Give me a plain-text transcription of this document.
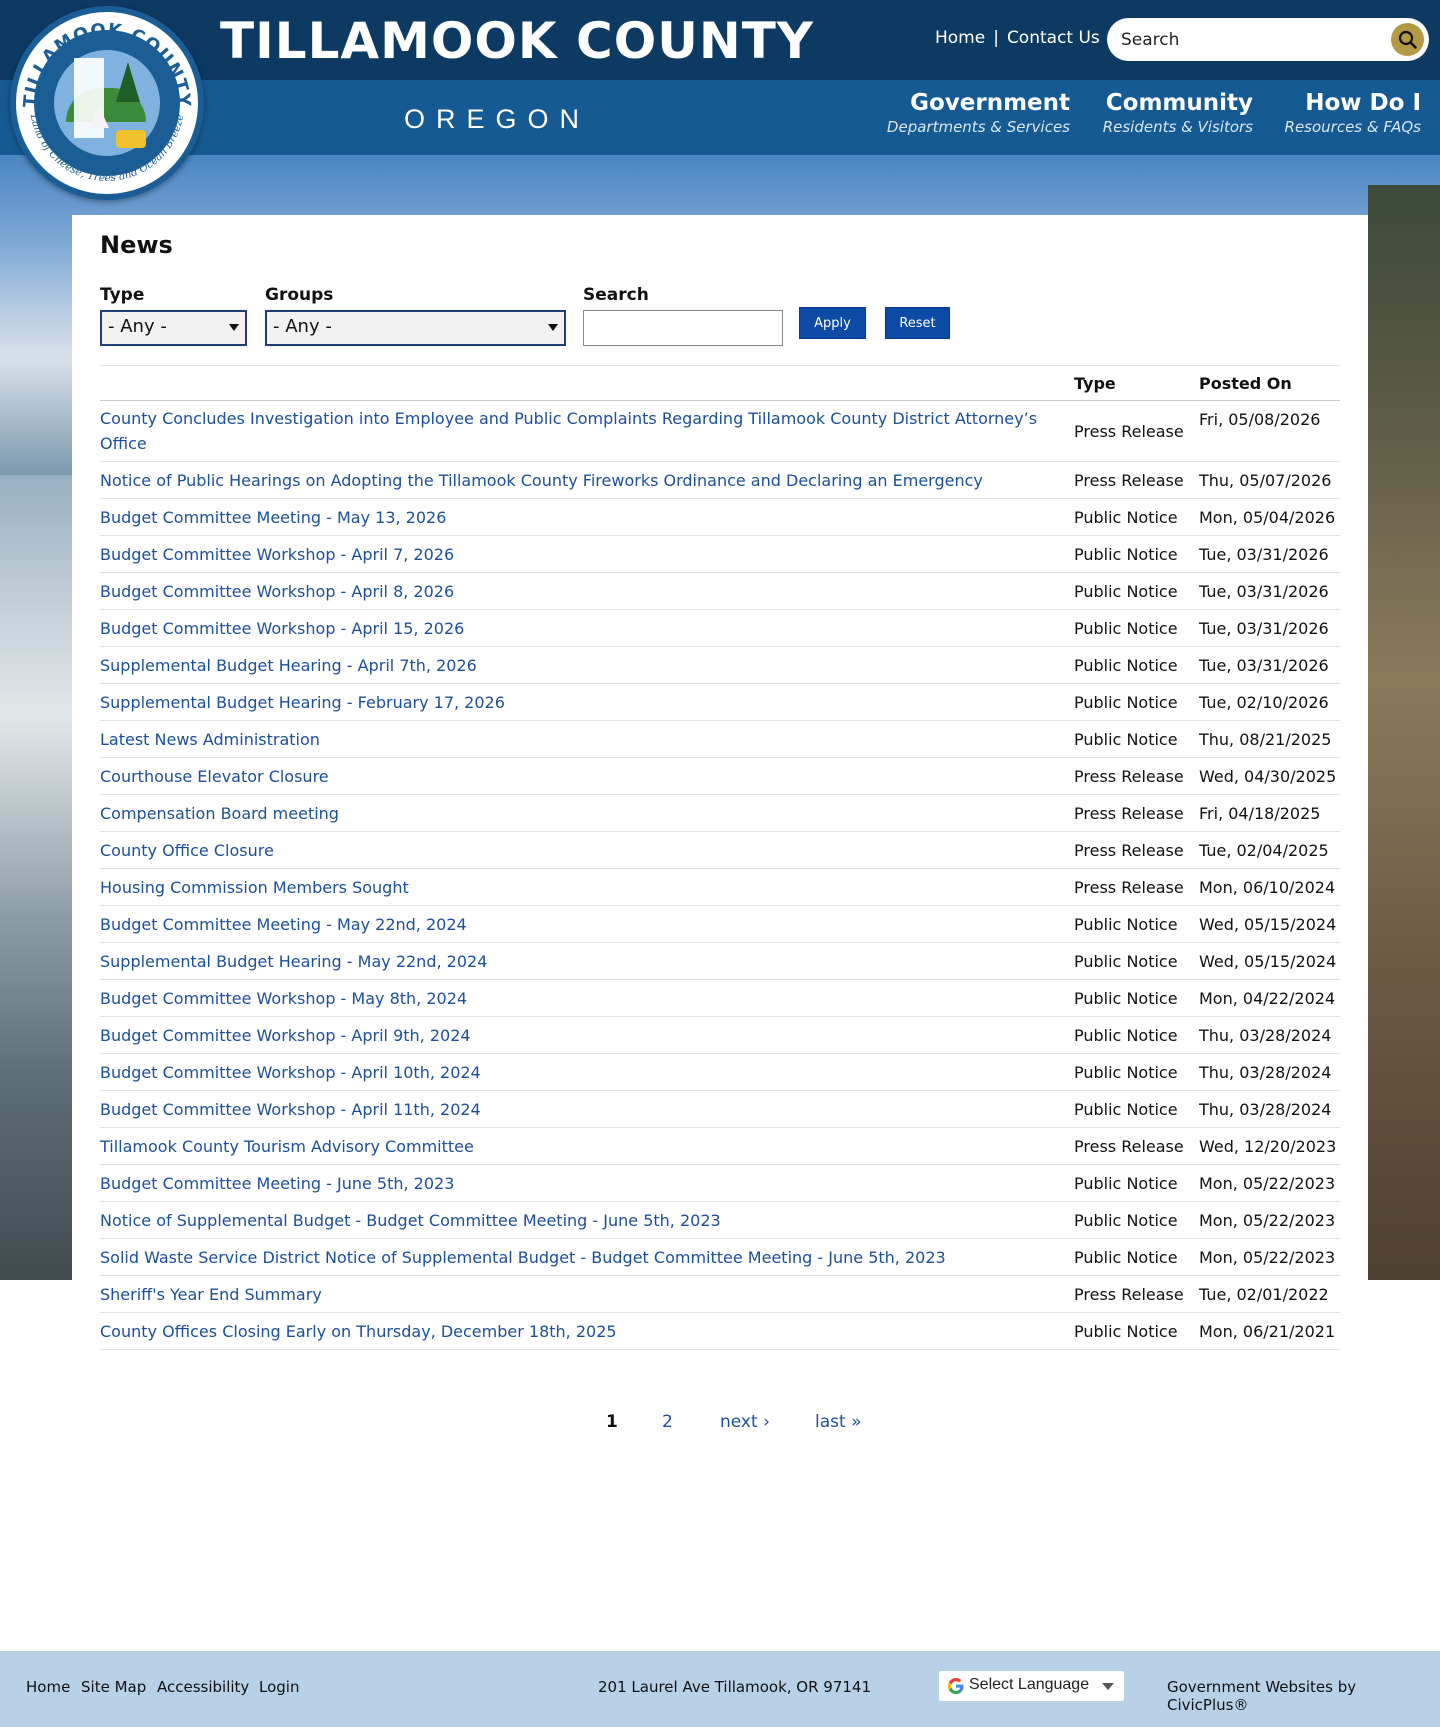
TILLAMOOK COUNTY
Land of Cheese, Trees and Ocean Breeze
TILLAMOOK COUNTY
OREGON
Home | Contact Us
Search
Government
Departments & Services
Community
Residents & Visitors
How Do I
Resources & FAQs
News
Type
- Any -
Groups
- Any -
Search
Apply	Reset
	Type	Posted On
County Concludes Investigation into Employee and Public Complaints Regarding Tillamook County District Attorney’s Office	Press Release	Fri, 05/08/2026
Notice of Public Hearings on Adopting the Tillamook County Fireworks Ordinance and Declaring an Emergency	Press Release	Thu, 05/07/2026
Budget Committee Meeting - May 13, 2026	Public Notice	Mon, 05/04/2026
Budget Committee Workshop - April 7, 2026	Public Notice	Tue, 03/31/2026
Budget Committee Workshop - April 8, 2026	Public Notice	Tue, 03/31/2026
Budget Committee Workshop - April 15, 2026	Public Notice	Tue, 03/31/2026
Supplemental Budget Hearing - April 7th, 2026	Public Notice	Tue, 03/31/2026
Supplemental Budget Hearing - February 17, 2026	Public Notice	Tue, 02/10/2026
Latest News Administration	Public Notice	Thu, 08/21/2025
Courthouse Elevator Closure	Press Release	Wed, 04/30/2025
Compensation Board meeting	Press Release	Fri, 04/18/2025
County Office Closure	Press Release	Tue, 02/04/2025
Housing Commission Members Sought	Press Release	Mon, 06/10/2024
Budget Committee Meeting - May 22nd, 2024	Public Notice	Wed, 05/15/2024
Supplemental Budget Hearing - May 22nd, 2024	Public Notice	Wed, 05/15/2024
Budget Committee Workshop - May 8th, 2024	Public Notice	Mon, 04/22/2024
Budget Committee Workshop - April 9th, 2024	Public Notice	Thu, 03/28/2024
Budget Committee Workshop - April 10th, 2024	Public Notice	Thu, 03/28/2024
Budget Committee Workshop - April 11th, 2024	Public Notice	Thu, 03/28/2024
Tillamook County Tourism Advisory Committee	Press Release	Wed, 12/20/2023
Budget Committee Meeting - June 5th, 2023	Public Notice	Mon, 05/22/2023
Notice of Supplemental Budget - Budget Committee Meeting - June 5th, 2023	Public Notice	Mon, 05/22/2023
Solid Waste Service District Notice of Supplemental Budget - Budget Committee Meeting - June 5th, 2023	Public Notice	Mon, 05/22/2023
Sheriff's Year End Summary	Press Release	Tue, 02/01/2022
County Offices Closing Early on Thursday, December 18th, 2025	Public Notice	Mon, 06/21/2021
1	2	next ›	last »
Home Site Map Accessibility Login	201 Laurel Ave Tillamook, OR 97141	Select Language	Government Websites by CivicPlus®
